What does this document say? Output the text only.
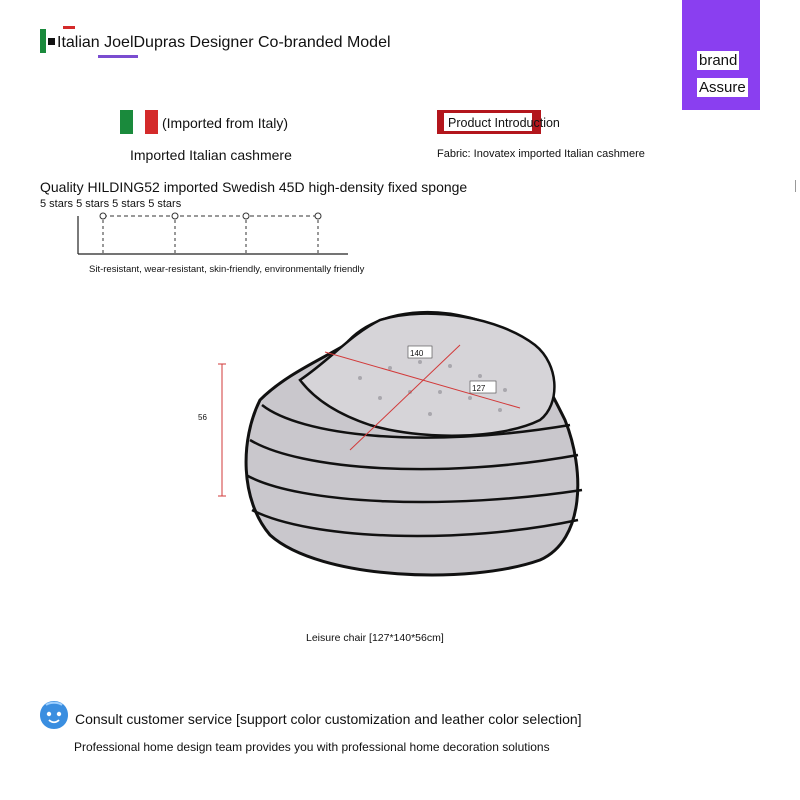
Italian JoelDupras Designer Co-branded Model
brand
Assure
(Imported from Italy)
Imported Italian cashmere
Product Introduction
Fabric: Inovatex imported Italian cashmere
Quality HILDING52 imported Swedish 45D high-density fixed sponge
5 stars 5 stars 5 stars 5 stars
Sit-resistant, wear-resistant, skin-friendly, environmentally friendly
140
127
56
Leisure chair [127*140*56cm]
Consult customer service [support color customization and leather color selection]
Professional home design team provides you with professional home decoration solutions
